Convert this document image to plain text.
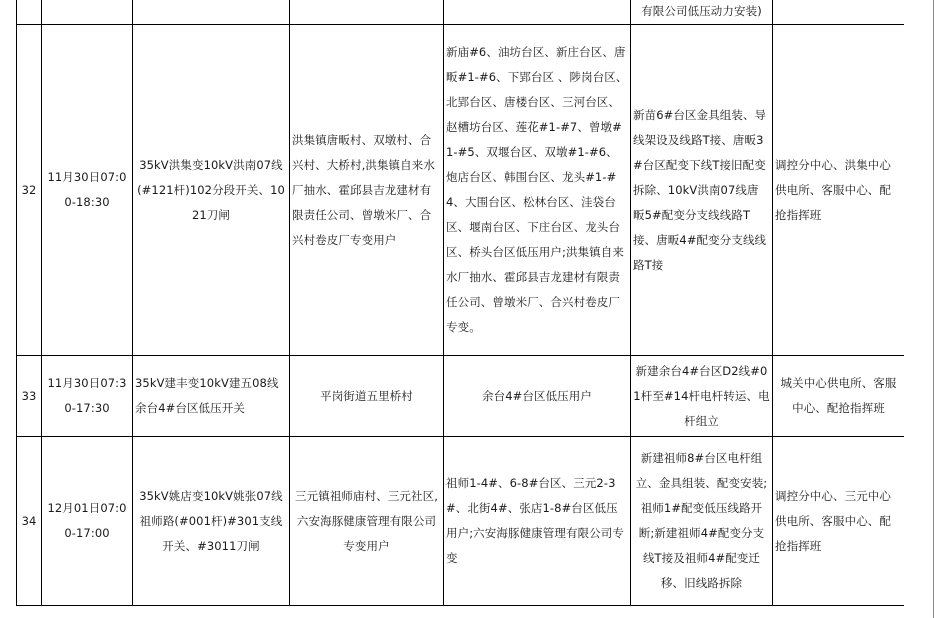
					有限公司低压动力安装)	
32	11月30日07:00-18:30	35kV洪集变10kV洪南07线(#121杆)102分段开关、1021刀闸	洪集镇唐畈村、双墩村、合兴村、大桥村,洪集镇自来水厂抽水、霍邱县吉龙建材有限责任公司、曾墩米厂、合兴村卷皮厂专变用户	新庙#6、油坊台区、新庄台区、唐畈#1-#6、下郢台区 、陟岗台区、北郢台区、唐楼台区、三河台区、赵槽坊台区、莲花#1-#7、曾墩#1-#5、双堰台区、双墩#1-#6、炮店台区、韩围台区、龙头#1-#4、大围台区、松林台区、洼袋台区、堰南台区、下庄台区、龙头台区、桥头台区低压用户;洪集镇自来水厂抽水、霍邱县吉龙建材有限责任公司、曾墩米厂、合兴村卷皮厂专变。	新苗6#台区金具组装、导线架设及线路T接、唐畈3#台区配变下线T接旧配变拆除、10kV洪南07线唐畈5#配变分支线线路T接、唐畈4#配变分支线线路T接	调控分中心、洪集中心供电所、客服中心、配抢指挥班
33	11月30日07:30-17:30	35kV建丰变10kV建五08线余台4#台区低压开关	平岗街道五里桥村	余台4#台区低压用户	新建余台4#台区D2线#01杆至#14杆电杆转运、电杆组立	城关中心供电所、客服中心、配抢指挥班
34	12月01日07:00-17:00	35kV姚店变10kV姚张07线祖师路(#001杆)#301支线开关、#3011刀闸	三元镇祖师庙村、三元社区,六安海豚健康管理有限公司专变用户	祖师1-4#、6-8#台区、三元2-3#、北街4#、张店1-8#台区低压用户;六安海豚健康管理有限公司专变	新建祖师8#台区电杆组立、金具组装、配变安装;祖师1#配变低压线路开断;新建祖师4#配变分支线T接及祖师4#配变迁移、旧线路拆除	调控分中心、三元中心供电所、客服中心、配抢指挥班
